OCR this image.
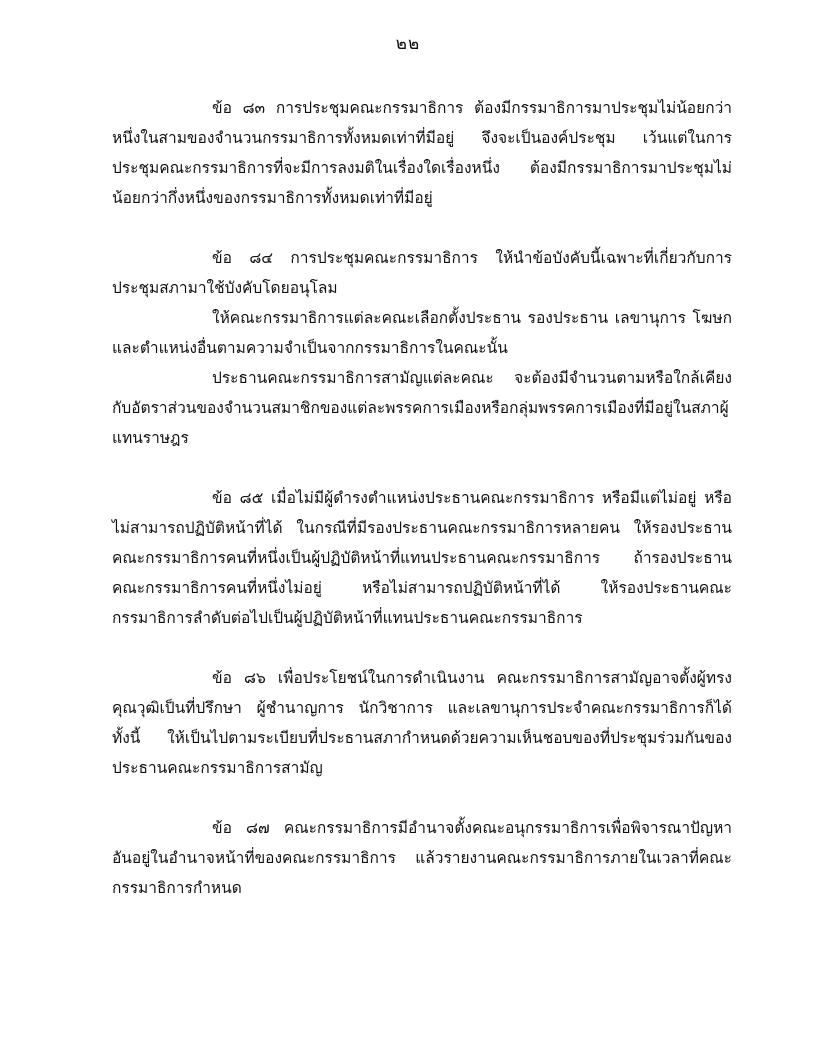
๒๒

ข้อ ๘๓ การประชุมคณะกรรมาธิการ ต้องมีกรรมาธิการมาประชุมไม่น้อยกว่าหนึ่งในสามของจำนวนกรรมาธิการทั้งหมดเท่าที่มีอยู่ จึงจะเป็นองค์ประชุม เว้นแต่ในการประชุมคณะกรรมาธิการที่จะมีการลงมติในเรื่องใดเรื่องหนึ่ง ต้องมีกรรมาธิการมาประชุมไม่น้อยกว่ากึ่งหนึ่งของกรรมาธิการทั้งหมดเท่าที่มีอยู่

ข้อ ๘๔ การประชุมคณะกรรมาธิการ ให้นำข้อบังคับนี้เฉพาะที่เกี่ยวกับการประชุมสภามาใช้บังคับโดยอนุโลม

ให้คณะกรรมาธิการแต่ละคณะเลือกตั้งประธาน รองประธาน เลขานุการ โฆษก และตำแหน่งอื่นตามความจำเป็นจากกรรมาธิการในคณะนั้น

ประธานคณะกรรมาธิการสามัญแต่ละคณะ จะต้องมีจำนวนตามหรือใกล้เคียงกับอัตราส่วนของจำนวนสมาชิกของแต่ละพรรคการเมืองหรือกลุ่มพรรคการเมืองที่มีอยู่ในสภาผู้แทนราษฎร

ข้อ ๘๕ เมื่อไม่มีผู้ดำรงตำแหน่งประธานคณะกรรมาธิการ หรือมีแต่ไม่อยู่ หรือไม่สามารถปฏิบัติหน้าที่ได้ ในกรณีที่มีรองประธานคณะกรรมาธิการหลายคน ให้รองประธานคณะกรรมาธิการคนที่หนึ่งเป็นผู้ปฏิบัติหน้าที่แทนประธานคณะกรรมาธิการ ถ้ารองประธานคณะกรรมาธิการคนที่หนึ่งไม่อยู่ หรือไม่สามารถปฏิบัติหน้าที่ได้ ให้รองประธานคณะกรรมาธิการลำดับต่อไปเป็นผู้ปฏิบัติหน้าที่แทนประธานคณะกรรมาธิการ

ข้อ ๘๖ เพื่อประโยชน์ในการดำเนินงาน คณะกรรมาธิการสามัญอาจตั้งผู้ทรงคุณวุฒิเป็นที่ปรึกษา ผู้ชำนาญการ นักวิชาการ และเลขานุการประจำคณะกรรมาธิการก็ได้ ทั้งนี้ ให้เป็นไปตามระเบียบที่ประธานสภากำหนดด้วยความเห็นชอบของที่ประชุมร่วมกันของประธานคณะกรรมาธิการสามัญ

ข้อ ๘๗ คณะกรรมาธิการมีอำนาจตั้งคณะอนุกรรมาธิการเพื่อพิจารณาปัญหาอันอยู่ในอำนาจหน้าที่ของคณะกรรมาธิการ แล้วรายงานคณะกรรมาธิการภายในเวลาที่คณะกรรมาธิการกำหนด
